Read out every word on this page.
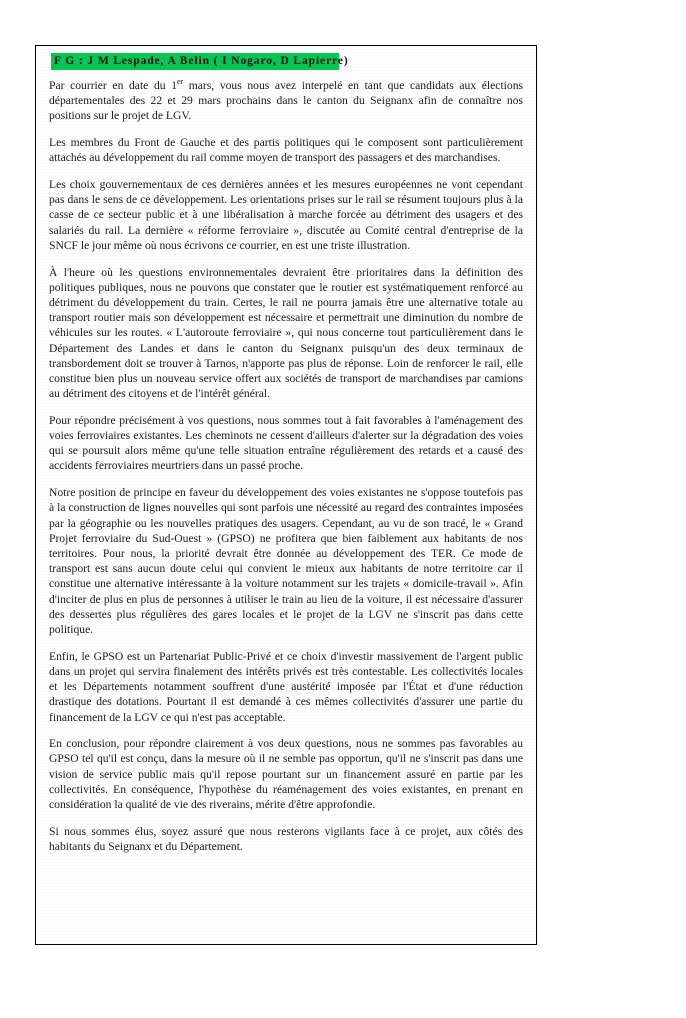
F G : J M Lespade, A Belin ( I Nogaro, D Lapierre)

Par courrier en date du 1er mars, vous nous avez interpelé en tant que candidats aux élections départementales des 22 et 29 mars prochains dans le canton du Seignanx afin de connaître nos positions sur le projet de LGV.

Les membres du Front de Gauche et des partis politiques qui le composent sont particulièrement attachés au développement du rail comme moyen de transport des passagers et des marchandises.

Les choix gouvernementaux de ces dernières années et les mesures européennes ne vont cependant pas dans le sens de ce développement. Les orientations prises sur le rail se résument toujours plus à la casse de ce secteur public et à une libéralisation à marche forcée au détriment des usagers et des salariés du rail. La dernière « réforme ferroviaire », discutée au Comité central d'entreprise de la SNCF le jour même où nous écrivons ce courrier, en est une triste illustration.

À l'heure où les questions environnementales devraient être prioritaires dans la définition des politiques publiques, nous ne pouvons que constater que le routier est systématiquement renforcé au détriment du développement du train. Certes, le rail ne pourra jamais être une alternative totale au transport routier mais son développement est nécessaire et permettrait une diminution du nombre de véhicules sur les routes. « L'autoroute ferroviaire », qui nous concerne tout particulièrement dans le Département des Landes et dans le canton du Seignanx puisqu'un des deux terminaux de transbordement doit se trouver à Tarnos, n'apporte pas plus de réponse. Loin de renforcer le rail, elle constitue bien plus un nouveau service offert aux sociétés de transport de marchandises par camions au détriment des citoyens et de l'intérêt général.

Pour répondre précisément à vos questions, nous sommes tout à fait favorables à l'aménagement des voies ferroviaires existantes. Les cheminots ne cessent d'ailleurs d'alerter sur la dégradation des voies qui se poursuit alors même qu'une telle situation entraîne régulièrement des retards et a causé des accidents ferroviaires meurtriers dans un passé proche.

Notre position de principe en faveur du développement des voies existantes ne s'oppose toutefois pas à la construction de lignes nouvelles qui sont parfois une nécessité au regard des contraintes imposées par la géographie ou les nouvelles pratiques des usagers. Cependant, au vu de son tracé, le « Grand Projet ferroviaire du Sud-Ouest » (GPSO) ne profitera que bien faiblement aux habitants de nos territoires. Pour nous, la priorité devrait être donnée au développement des TER. Ce mode de transport est sans aucun doute celui qui convient le mieux aux habitants de notre territoire car il constitue une alternative intéressante à la voiture notamment sur les trajets « domicile-travail ». Afin d'inciter de plus en plus de personnes à utiliser le train au lieu de la voiture, il est nécessaire d'assurer des dessertes plus régulières des gares locales et le projet de la LGV ne s'inscrit pas dans cette politique.

Enfin, le GPSO est un Partenariat Public-Privé et ce choix d'investir massivement de l'argent public dans un projet qui servira finalement des intérêts privés est très contestable. Les collectivités locales et les Départements notamment souffrent d'une austérité imposée par l'État et d'une réduction drastique des dotations. Pourtant il est demandé à ces mêmes collectivités d'assurer une partie du financement de la LGV ce qui n'est pas acceptable.

En conclusion, pour répondre clairement à vos deux questions, nous ne sommes pas favorables au GPSO tel qu'il est conçu, dans la mesure où il ne semble pas opportun, qu'il ne s'inscrit pas dans une vision de service public mais qu'il repose pourtant sur un financement assuré en partie par les collectivités. En conséquence, l'hypothèse du réaménagement des voies existantes, en prenant en considération la qualité de vie des riverains, mérite d'être approfondie.

Si nous sommes élus, soyez assuré que nous resterons vigilants face à ce projet, aux côtés des habitants du Seignanx et du Département.
